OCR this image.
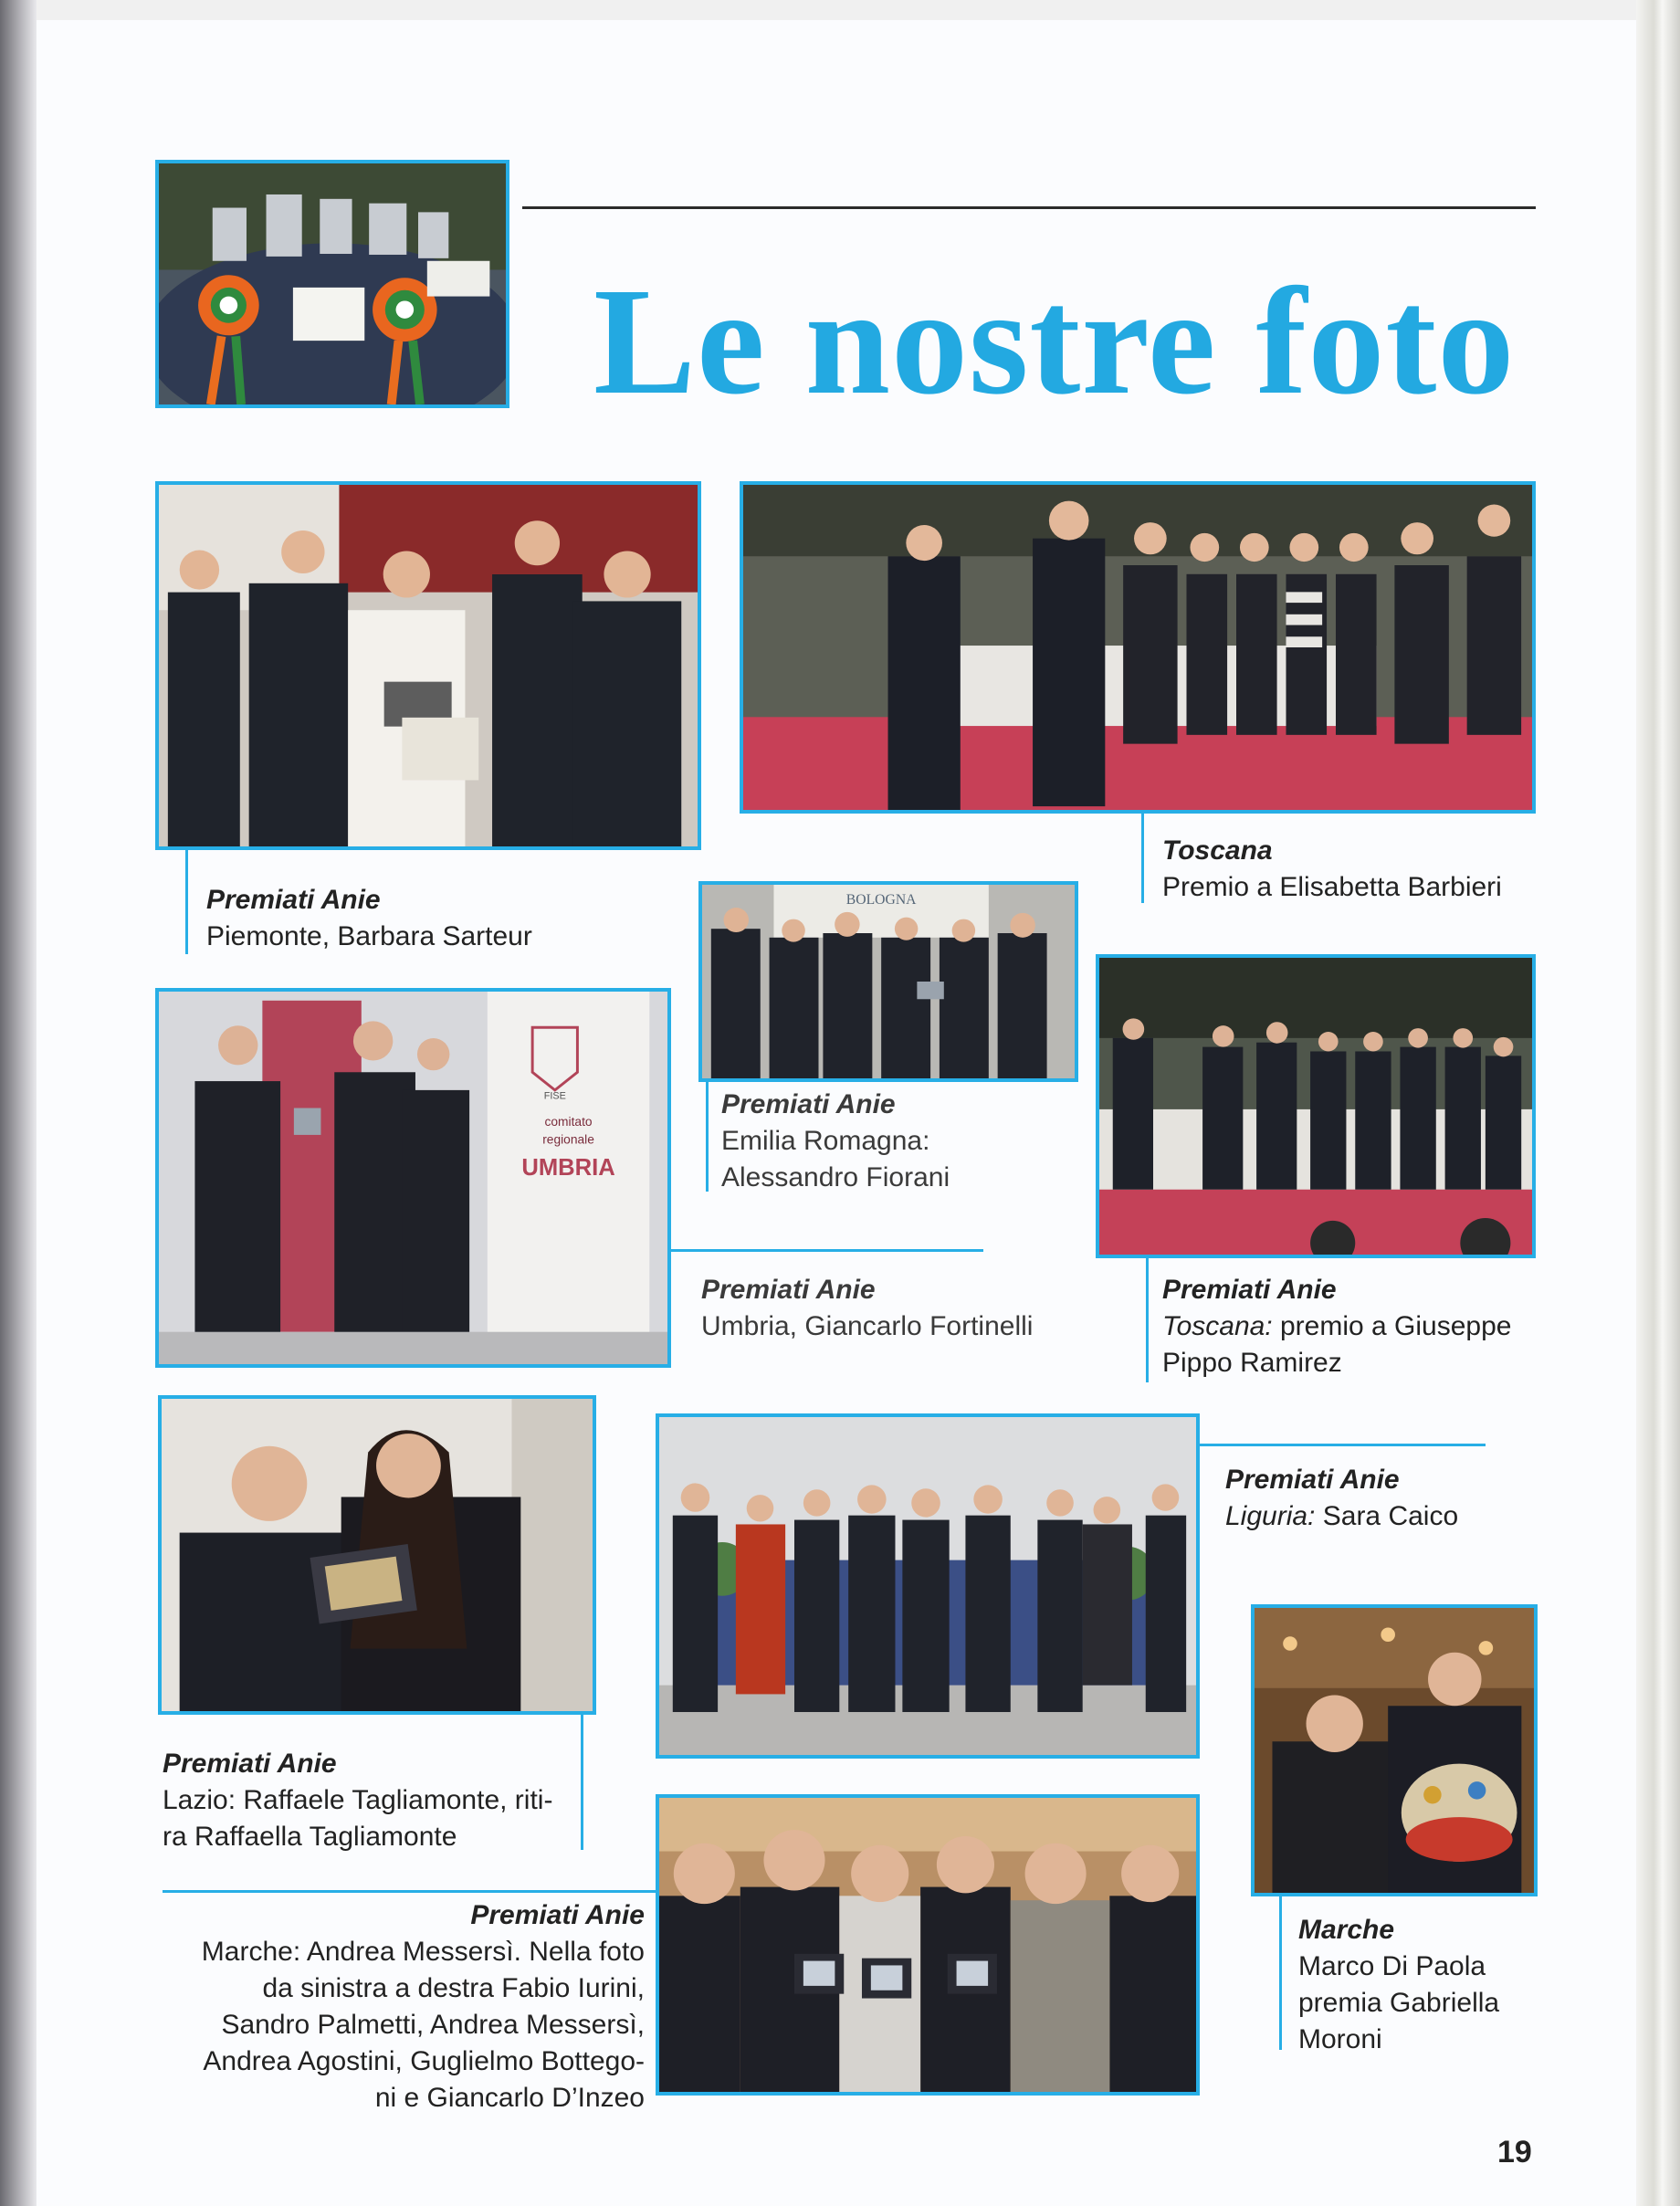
Le nostre foto
Premiati Anie
Piemonte, Barbara Sarteur
Toscana
Premio a Elisabetta Barbieri
BOLOGNA
FISE
comitato
regionale
UMBRIA
Premiati Anie
Emilia Romagna:
Alessandro Fiorani
Premiati Anie
Umbria, Giancarlo Fortinelli
Premiati Anie
Toscana: premio a Giuseppe
Pippo Ramirez
Premiati Anie
Liguria: Sara Caico
Premiati Anie
Lazio: Raffaele Tagliamonte, riti-
ra Raffaella Tagliamonte
Premiati Anie
Marche: Andrea Messersì. Nella foto
da sinistra a destra Fabio Iurini,
Sandro Palmetti, Andrea Messersì,
Andrea Agostini, Guglielmo Bottego-
ni e Giancarlo D’Inzeo
Marche
Marco Di Paola
premia Gabriella
Moroni
19
